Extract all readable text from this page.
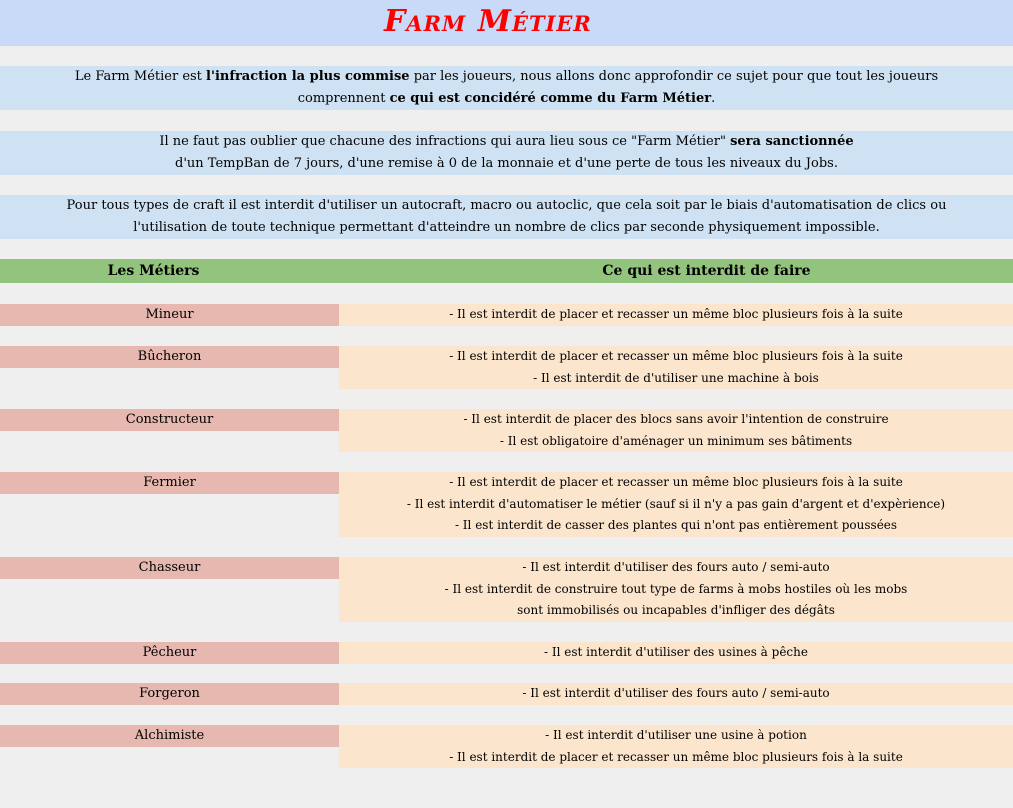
Farm Métier
Le Farm Métier est l'infraction la plus commise par les joueurs, nous allons donc approfondir ce sujet pour que tout les joueurs
comprennent ce qui est concidéré comme du Farm Métier.
Il ne faut pas oublier que chacune des infractions qui aura lieu sous ce "Farm Métier" sera sanctionnée
d'un TempBan de 7 jours, d'une remise à 0 de la monnaie et d'une perte de tous les niveaux du Jobs.
Pour tous types de craft il est interdit d'utiliser un autocraft, macro ou autoclic, que cela soit par le biais d'automatisation de clics ou
l'utilisation de toute technique permettant d'atteindre un nombre de clics par seconde physiquement impossible.
Les Métiers	Ce qui est interdit de faire
Mineur	- Il est interdit de placer et recasser un même bloc plusieurs fois à la suite
Bûcheron	- Il est interdit de placer et recasser un même bloc plusieurs fois à la suite
- Il est interdit de d'utiliser une machine à bois
Constructeur	- Il est interdit de placer des blocs sans avoir l'intention de construire
- Il est obligatoire d'aménager un minimum ses bâtiments
Fermier	- Il est interdit de placer et recasser un même bloc plusieurs fois à la suite
- Il est interdit d'automatiser le métier (sauf si il n'y a pas gain d'argent et d'expèrience)
- Il est interdit de casser des plantes qui n'ont pas entièrement poussées
Chasseur	- Il est interdit d'utiliser des fours auto / semi-auto
- Il est interdit de construire tout type de farms à mobs hostiles où les mobs
sont immobilisés ou incapables d'infliger des dégâts
Pêcheur	- Il est interdit d'utiliser des usines à pêche
Forgeron	- Il est interdit d'utiliser des fours auto / semi-auto
Alchimiste	- Il est interdit d'utiliser une usine à potion
- Il est interdit de placer et recasser un même bloc plusieurs fois à la suite
